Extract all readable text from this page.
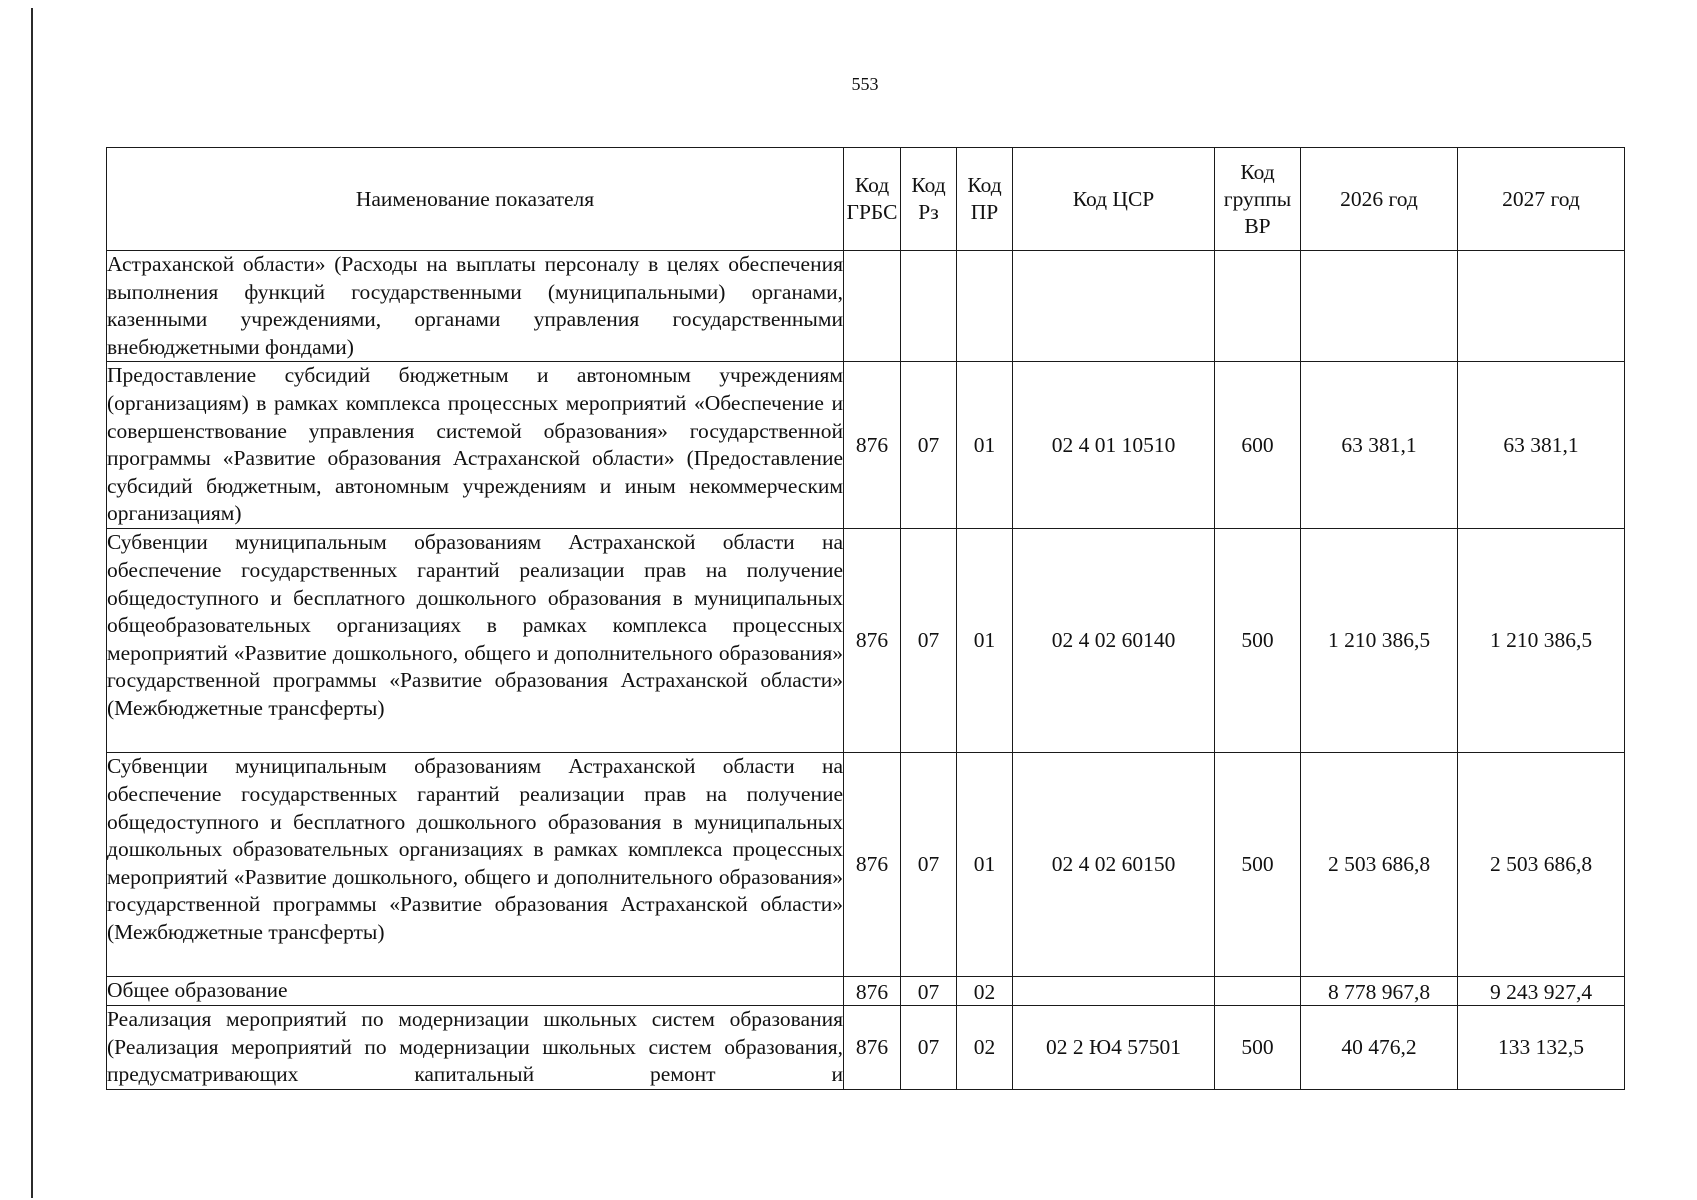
553
Наименование показателя	Код ГРБС	Код Рз	Код ПР	Код ЦСР	Код группы ВР	2026 год	2027 год
Астраханской области» (Расходы на выплаты персоналу в целях обеспечения выполнения функций государственными (муниципальными) органами, казенными учреждениями, органами управления государственными внебюджетными фондами)							
Предоставление субсидий бюджетным и автономным учреждениям (организациям) в рамках комплекса процессных мероприятий «Обеспечение и совершенствование управления системой образования» государственной программы «Развитие образования Астраханской области» (Предоставление субсидий бюджетным, автономным учреждениям и иным некоммерческим организациям)	876	07	01	02 4 01 10510	600	63 381,1	63 381,1
Субвенции муниципальным образованиям Астраханской области на обеспечение государственных гарантий реализации прав на получение общедоступного и бесплатного дошкольного образования в муниципальных общеобразовательных организациях в рамках комплекса процессных мероприятий «Развитие дошкольного, общего и дополнительного образования» государственной программы «Развитие образования Астраханской области» (Межбюджетные трансферты)	876	07	01	02 4 02 60140	500	1 210 386,5	1 210 386,5
Субвенции муниципальным образованиям Астраханской области на обеспечение государственных гарантий реализации прав на получение общедоступного и бесплатного дошкольного образования в муниципальных дошкольных образовательных организациях в рамках комплекса процессных мероприятий «Развитие дошкольного, общего и дополнительного образования» государственной программы «Развитие образования Астраханской области» (Межбюджетные трансферты)	876	07	01	02 4 02 60150	500	2 503 686,8	2 503 686,8
Общее образование	876	07	02			8 778 967,8	9 243 927,4

Реализация мероприятий по модернизации школьных систем образования (Реализация мероприятий по модернизации школьных систем образования, предусматривающих капитальный ремонт и	876	07	02	02 2 Ю4 57501	500	40 476,2	133 132,5
